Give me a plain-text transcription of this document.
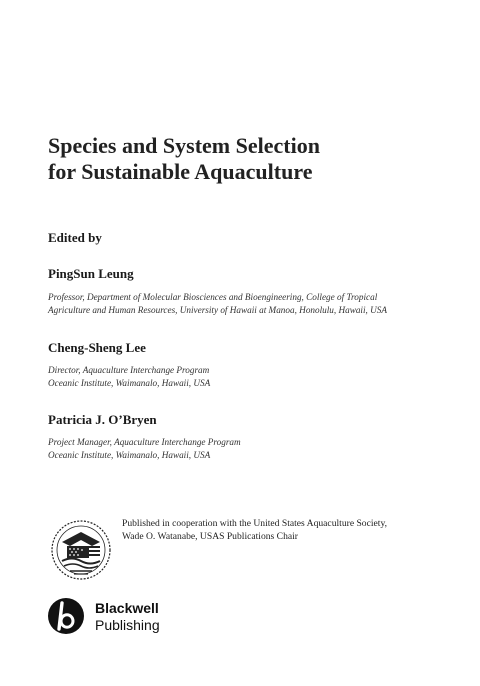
Species and System Selection
for Sustainable Aquaculture
Edited by
PingSun Leung
Professor, Department of Molecular Biosciences and Bioengineering, College of Tropical
Agriculture and Human Resources, University of Hawaii at Manoa, Honolulu, Hawaii, USA
Cheng-Sheng Lee
Director, Aquaculture Interchange Program
Oceanic Institute, Waimanalo, Hawaii, USA
Patricia J. O’Bryen
Project Manager, Aquaculture Interchange Program
Oceanic Institute, Waimanalo, Hawaii, USA
Published in cooperation with the United States Aquaculture Society,
Wade O. Watanabe, USAS Publications Chair
Blackwell
Publishing
